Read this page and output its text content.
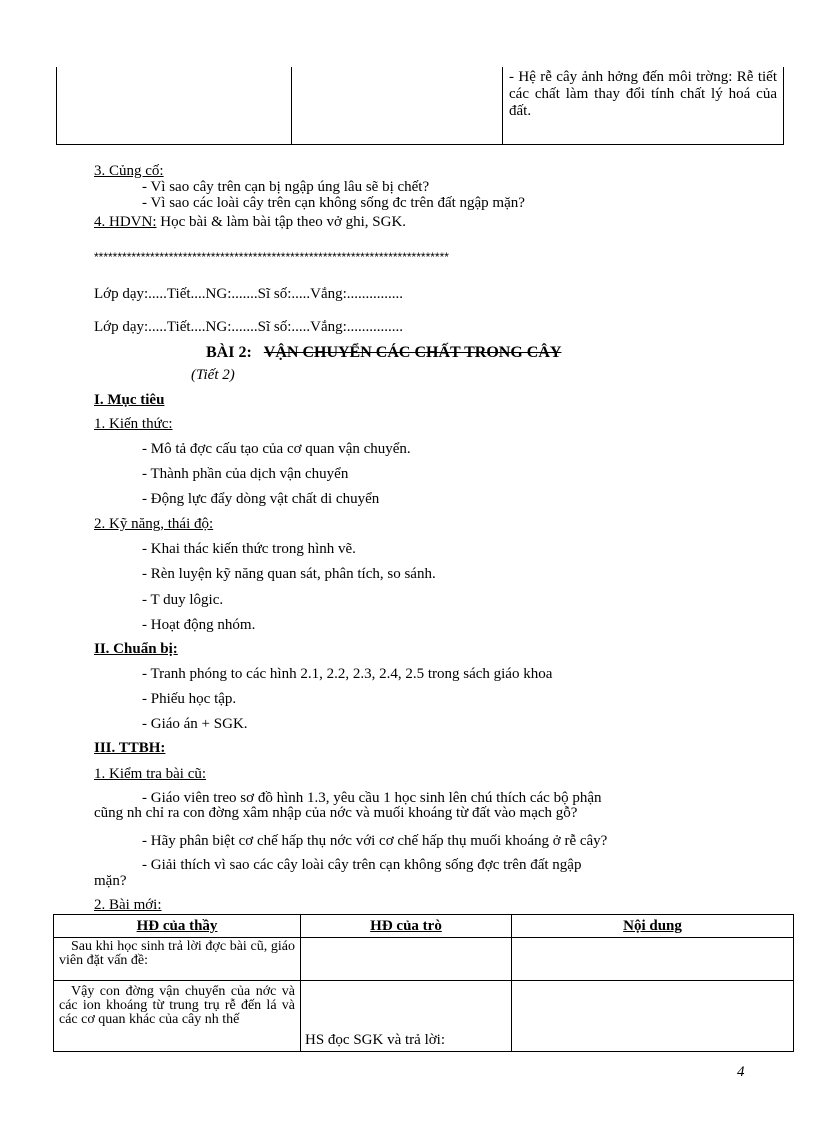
- Hệ rễ cây ảnh hởng đến môi trờng: Rễ tiết các chất làm thay đổi tính chất lý hoá của đất.
3. Củng cố:
- Vì sao cây trên cạn bị ngập úng lâu sẽ bị chết?
- Vì sao các loài cây trên cạn không sống đc trên đất ngập mặn?
4. HDVN: Học bài & làm bài tập theo vở ghi, SGK.
****************************************************************************
Lớp dạy:.....Tiết....NG:.......Sĩ số:.....Vắng:...............
Lớp dạy:.....Tiết....NG:.......Sĩ số:.....Vắng:...............
BÀI 2: VẬN CHUYỂN CÁC CHẤT TRONG CÂY
(Tiết 2)
I. Mục tiêu
1. Kiến thức:
- Mô tả đợc cấu tạo của cơ quan vận chuyển.
- Thành phần của dịch vận chuyển
- Động lực đẩy dòng vật chất di chuyển
2. Kỹ năng, thái độ:
- Khai thác kiến thức trong hình vẽ.
- Rèn luyện kỹ năng quan sát, phân tích, so sánh.
- T duy lôgic.
- Hoạt động nhóm.
II. Chuẩn bị:
- Tranh phóng to các hình 2.1, 2.2, 2.3, 2.4, 2.5 trong sách giáo khoa
- Phiếu học tập.
- Giáo án + SGK.
III. TTBH:
1. Kiểm tra bài cũ:
- Giáo viên treo sơ đồ hình 1.3, yêu cầu 1 học sinh lên chú thích các bộ phận
cũng nh chỉ ra con đờng xâm nhập của nớc và muối khoáng từ đất vào mạch gỗ?
- Hãy phân biệt cơ chế hấp thụ nớc với cơ chế hấp thụ muối khoáng ở rễ cây?
- Giải thích vì sao các cây loài cây trên cạn không sống đợc trên đất ngập
mặn?
2. Bài mới:
HĐ của thầy	HĐ của trò	Nội dung

Sau khi học sinh trả lời đợc bài cũ, giáo viên đặt vấn đề:		

Vậy con đờng vận chuyển của nớc và các ion khoáng từ trung trụ rễ đến lá và các cơ quan khác của cây nh thế	HS đọc SGK và trả lời:	

4
